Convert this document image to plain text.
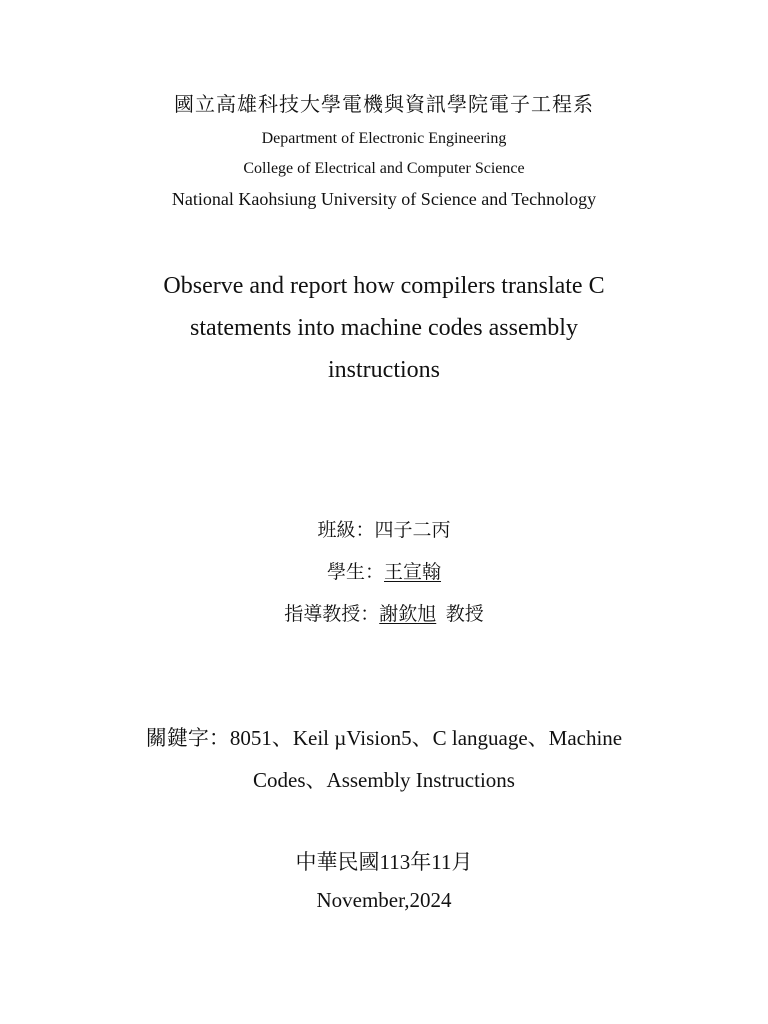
國立高雄科技大學電機與資訊學院電子工程系
Department of Electronic Engineering
College of Electrical and Computer Science
National Kaohsiung University of Science and Technology
Observe and report how compilers translate C
statements into machine codes assembly
instructions
班級：四子二丙
學生：王宣翰
指導教授：謝欽旭  教授
關鍵字：8051、Keil µVision5、C language、Machine
Codes、Assembly Instructions
中華民國113年11月
November,2024
